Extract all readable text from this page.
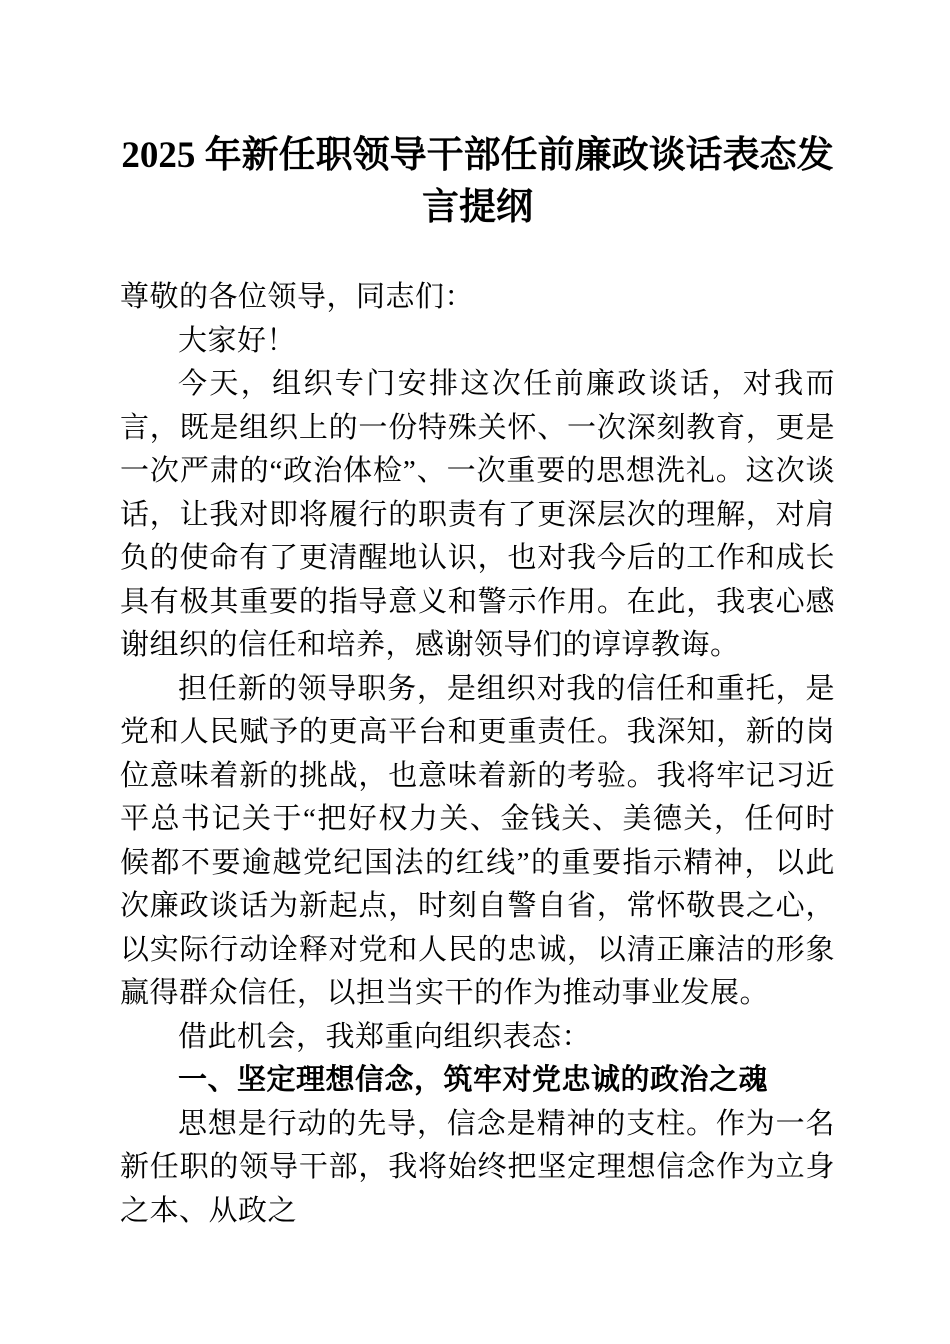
2025 年新任职领导干部任前廉政谈话表态发言提纲

尊敬的各位领导，同志们：

大家好！

今天，组织专门安排这次任前廉政谈话，对我而言，既是组织上的一份特殊关怀、一次深刻教育，更是一次严肃的“政治体检”、一次重要的思想洗礼。这次谈话，让我对即将履行的职责有了更深层次的理解，对肩负的使命有了更清醒地认识，也对我今后的工作和成长具有极其重要的指导意义和警示作用。在此，我衷心感谢组织的信任和培养，感谢领导们的谆谆教诲。

担任新的领导职务，是组织对我的信任和重托，是党和人民赋予的更高平台和更重责任。我深知，新的岗位意味着新的挑战，也意味着新的考验。我将牢记习近平总书记关于“把好权力关、金钱关、美德关，任何时候都不要逾越党纪国法的红线”的重要指示精神，以此次廉政谈话为新起点，时刻自警自省，常怀敬畏之心，以实际行动诠释对党和人民的忠诚，以清正廉洁的形象赢得群众信任，以担当实干的作为推动事业发展。

借此机会，我郑重向组织表态：

一、坚定理想信念，筑牢对党忠诚的政治之魂

思想是行动的先导，信念是精神的支柱。作为一名新任职的领导干部，我将始终把坚定理想信念作为立身之本、从政之
